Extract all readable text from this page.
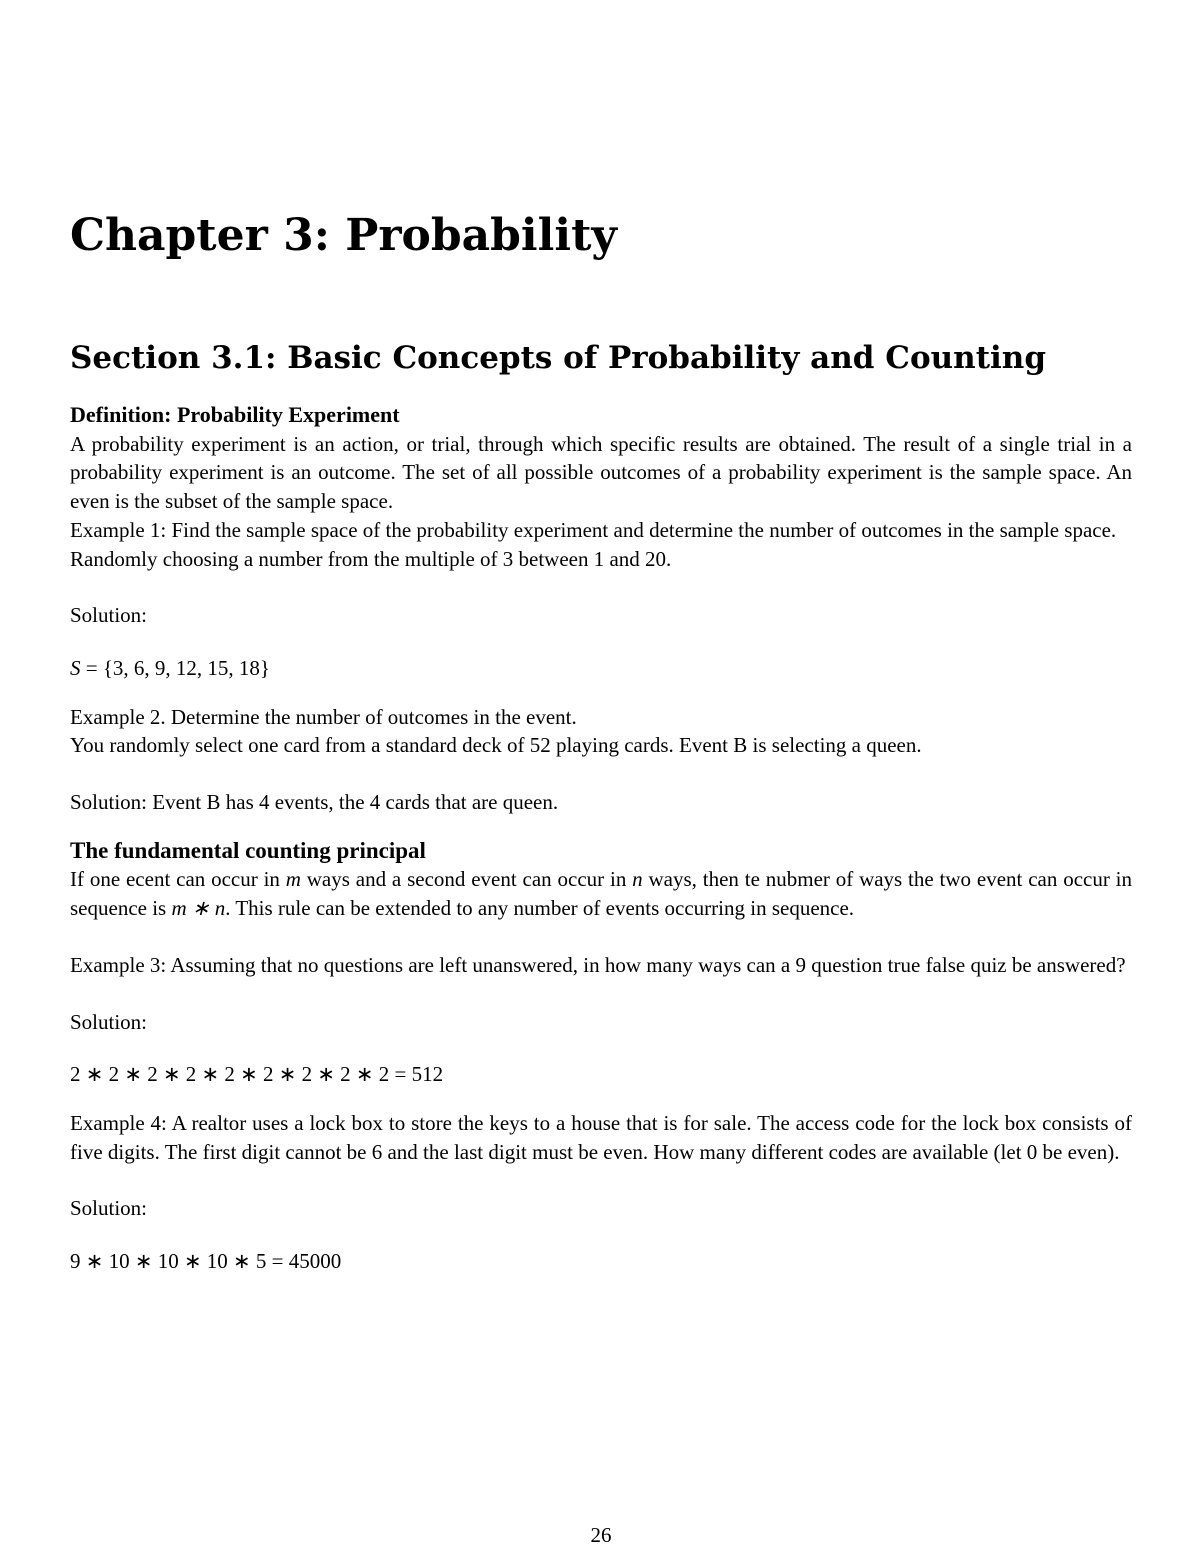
Chapter 3: Probability
Section 3.1: Basic Concepts of Probability and Counting

Definition: Probability Experiment

A probability experiment is an action, or trial, through which specific results are obtained. The result of a single trial in a probability experiment is an outcome. The set of all possible outcomes of a probability experiment is the sample space. An even is the subset of the sample space.

Example 1: Find the sample space of the probability experiment and determine the number of outcomes in the sample space.

Randomly choosing a number from the multiple of 3 between 1 and 20.

Solution:

S = {3, 6, 9, 12, 15, 18}

Example 2. Determine the number of outcomes in the event.

You randomly select one card from a standard deck of 52 playing cards. Event B is selecting a queen.

Solution: Event B has 4 events, the 4 cards that are queen.

The fundamental counting principal

If one ecent can occur in m ways and a second event can occur in n ways, then te nubmer of ways the two event can occur in sequence is m ∗ n. This rule can be extended to any number of events occurring in sequence.

Example 3: Assuming that no questions are left unanswered, in how many ways can a 9 question true false quiz be answered?

Solution:

2 ∗ 2 ∗ 2 ∗ 2 ∗ 2 ∗ 2 ∗ 2 ∗ 2 ∗ 2 = 512

Example 4: A realtor uses a lock box to store the keys to a house that is for sale. The access code for the lock box consists of five digits. The first digit cannot be 6 and the last digit must be even. How many different codes are available (let 0 be even).

Solution:

9 ∗ 10 ∗ 10 ∗ 10 ∗ 5 = 45000

26
